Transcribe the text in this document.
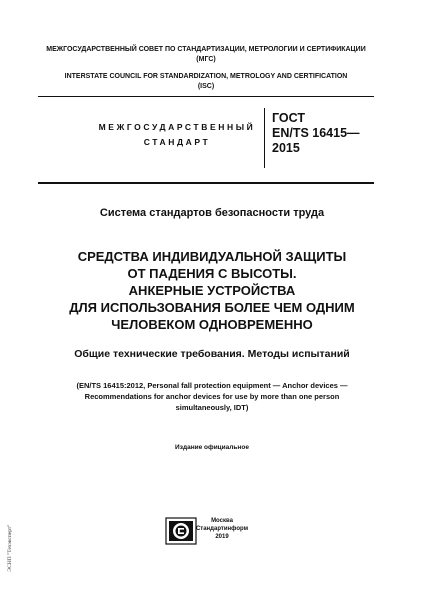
МЕЖГОСУДАРСТВЕННЫЙ СОВЕТ ПО СТАНДАРТИЗАЦИИ, МЕТРОЛОГИИ И СЕРТИФИКАЦИИ
(МГС)
INTERSTATE COUNCIL FOR STANDARDIZATION, METROLOGY AND CERTIFICATION
(ISC)
МЕЖГОСУДАРСТВЕННЫЙ
СТАНДАРТ
ГОСТ
EN/TS 16415—
2015
Система стандартов безопасности труда
СРЕДСТВА ИНДИВИДУАЛЬНОЙ ЗАЩИТЫ
ОТ ПАДЕНИЯ С ВЫСОТЫ.
АНКЕРНЫЕ УСТРОЙСТВА
ДЛЯ ИСПОЛЬЗОВАНИЯ БОЛЕЕ ЧЕМ ОДНИМ
ЧЕЛОВЕКОМ ОДНОВРЕМЕННО
Общие технические требования. Методы испытаний
(EN/TS 16415:2012, Personal fall protection equipment — Anchor devices —
Recommendations for anchor devices for use by more than one person
simultaneously, IDT)
Издание официальное
Москва
Стандартинформ
2019
ЭСНП "Техэксперт"
